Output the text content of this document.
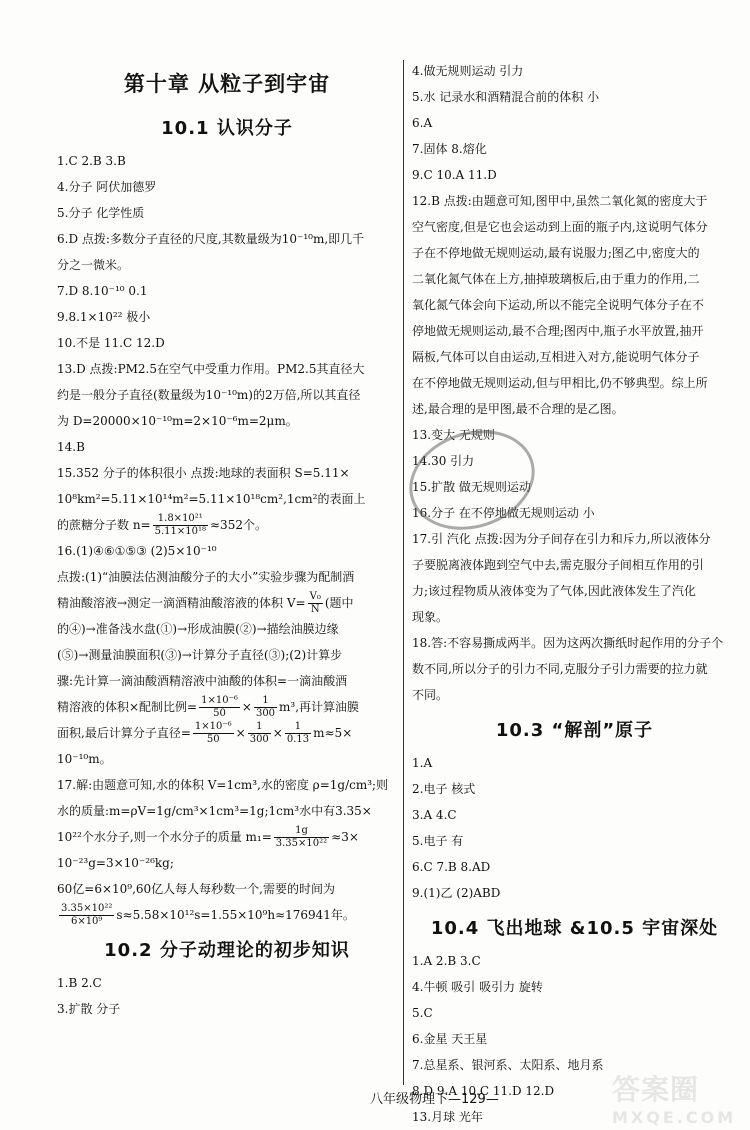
第十章 从粒子到宇宙
10.1 认识分子
1.C 2.B 3.B
4.分子 阿伏加德罗
5.分子 化学性质
6.D 点拨:多数分子直径的尺度,其数量级为10⁻¹⁰m,即几千
分之一微米。
7.D 8.10⁻¹⁰ 0.1
9.8.1×10²² 极小
10.不是 11.C 12.D
13.D 点拨:PM2.5在空气中受重力作用。PM2.5其直径大
约是一般分子直径(数量级为10⁻¹⁰m)的2万倍,所以其直径
为 D=20000×10⁻¹⁰m=2×10⁻⁶m=2μm。
14.B
15.352 分子的体积很小 点拨:地球的表面积 S=5.11×
10⁸km²=5.11×10¹⁴m²=5.11×10¹⁸cm²,1cm²的表面上
的蔗糖分子数 $n= \frac{\text{1.8×10²¹}}{\text{5.11×10¹⁸}} \approx 352$个。
16.(1)④⑥①⑤③ (2)5×10⁻¹⁰
点拨:(1)“油膜法估测油酸分子的大小”实验步骤为配制酒
精油酸溶液→测定一滴酒精油酸溶液的体积 $V= \frac{\text{V₀}}{N}$ (题中
的④)→准备浅水盘(①)→形成油膜(②)→描绘油膜边缘
(⑤)→测量油膜面积(③)→计算分子直径(③);(2)计算步
骤:先计算一滴油酸酒精溶液中油酸的体积=一滴油酸酒
精溶液的体积×配制比例= $\frac{\text{1×10⁻⁶}}{50} \times \frac{1}{300} m^3$,再计算油膜
面积,最后计算分子直径= $\frac{\text{1×10⁻⁶}}{50} \times \frac{1}{300} \times \frac{1}{0.13} m\approx 5\times$
10⁻¹⁰m。
17.解:由题意可知,水的体积 V=1cm³,水的密度 ρ=1g/cm³;则
水的质量:m=ρV=1g/cm³×1cm³=1g;1cm³水中有3.35×
10²²个水分子,则一个水分子的质量 $m_1= \frac{1g}{\text{3.35×10²²}} \approx 3\times$
10⁻²³g=3×10⁻²⁶kg;
60亿=6×10⁹,60亿人每人每秒数一个,需要的时间为
$\frac{\text{3.35×10²²}}{\text{6×10⁹}} s\approx 5.58\times 10^{12}s=1.55\times 10^9h\approx 176941$年。
10.2 分子动理论的初步知识
1.B 2.C
3.扩散 分子
4.做无规则运动 引力
5.水 记录水和酒精混合前的体积 小
6.A
7.固体 8.熔化
9.C 10.A 11.D
12.B 点拨:由题意可知,图甲中,虽然二氧化氮的密度大于
空气密度,但是它也会运动到上面的瓶子内,这说明气体分
子在不停地做无规则运动,最有说服力;图乙中,密度大的
二氧化氮气体在上方,抽掉玻璃板后,由于重力的作用,二
氧化氮气体会向下运动,所以不能完全说明气体分子在不
停地做无规则运动,最不合理;图丙中,瓶子水平放置,抽开
隔板,气体可以自由运动,互相进入对方,能说明气体分子
在不停地做无规则运动,但与甲相比,仍不够典型。综上所
述,最合理的是甲图,最不合理的是乙图。
13.变大 无规则
14.30 引力
15.扩散 做无规则运动
16.分子 在不停地做无规则运动 小
17.引 汽化 点拨:因为分子间存在引力和斥力,所以液体分
子要脱离液体跑到空气中去,需克服分子间相互作用的引
力;该过程物质从液体变为了气体,因此液体发生了汽化
现象。
18.答:不容易撕成两半。因为这两次撕纸时起作用的分子个
数不同,所以分子的引力不同,克服分子引力需要的拉力就
不同。
10.3 “解剖”原子
1.A
2.电子 核式
3.A 4.C
5.电子 有
6.C 7.B 8.AD
9.(1)乙 (2)ABD
10.4 飞出地球 &10.5 宇宙深处
1.A 2.B 3.C
4.牛顿 吸引 吸引力 旋转
5.C
6.金星 天王星
7.总星系、银河系、太阳系、地月系
8.D 9.A 10.C 11.D 12.D
13.月球 光年
八年级物理下—129—	答案圈
MXQE.COM
